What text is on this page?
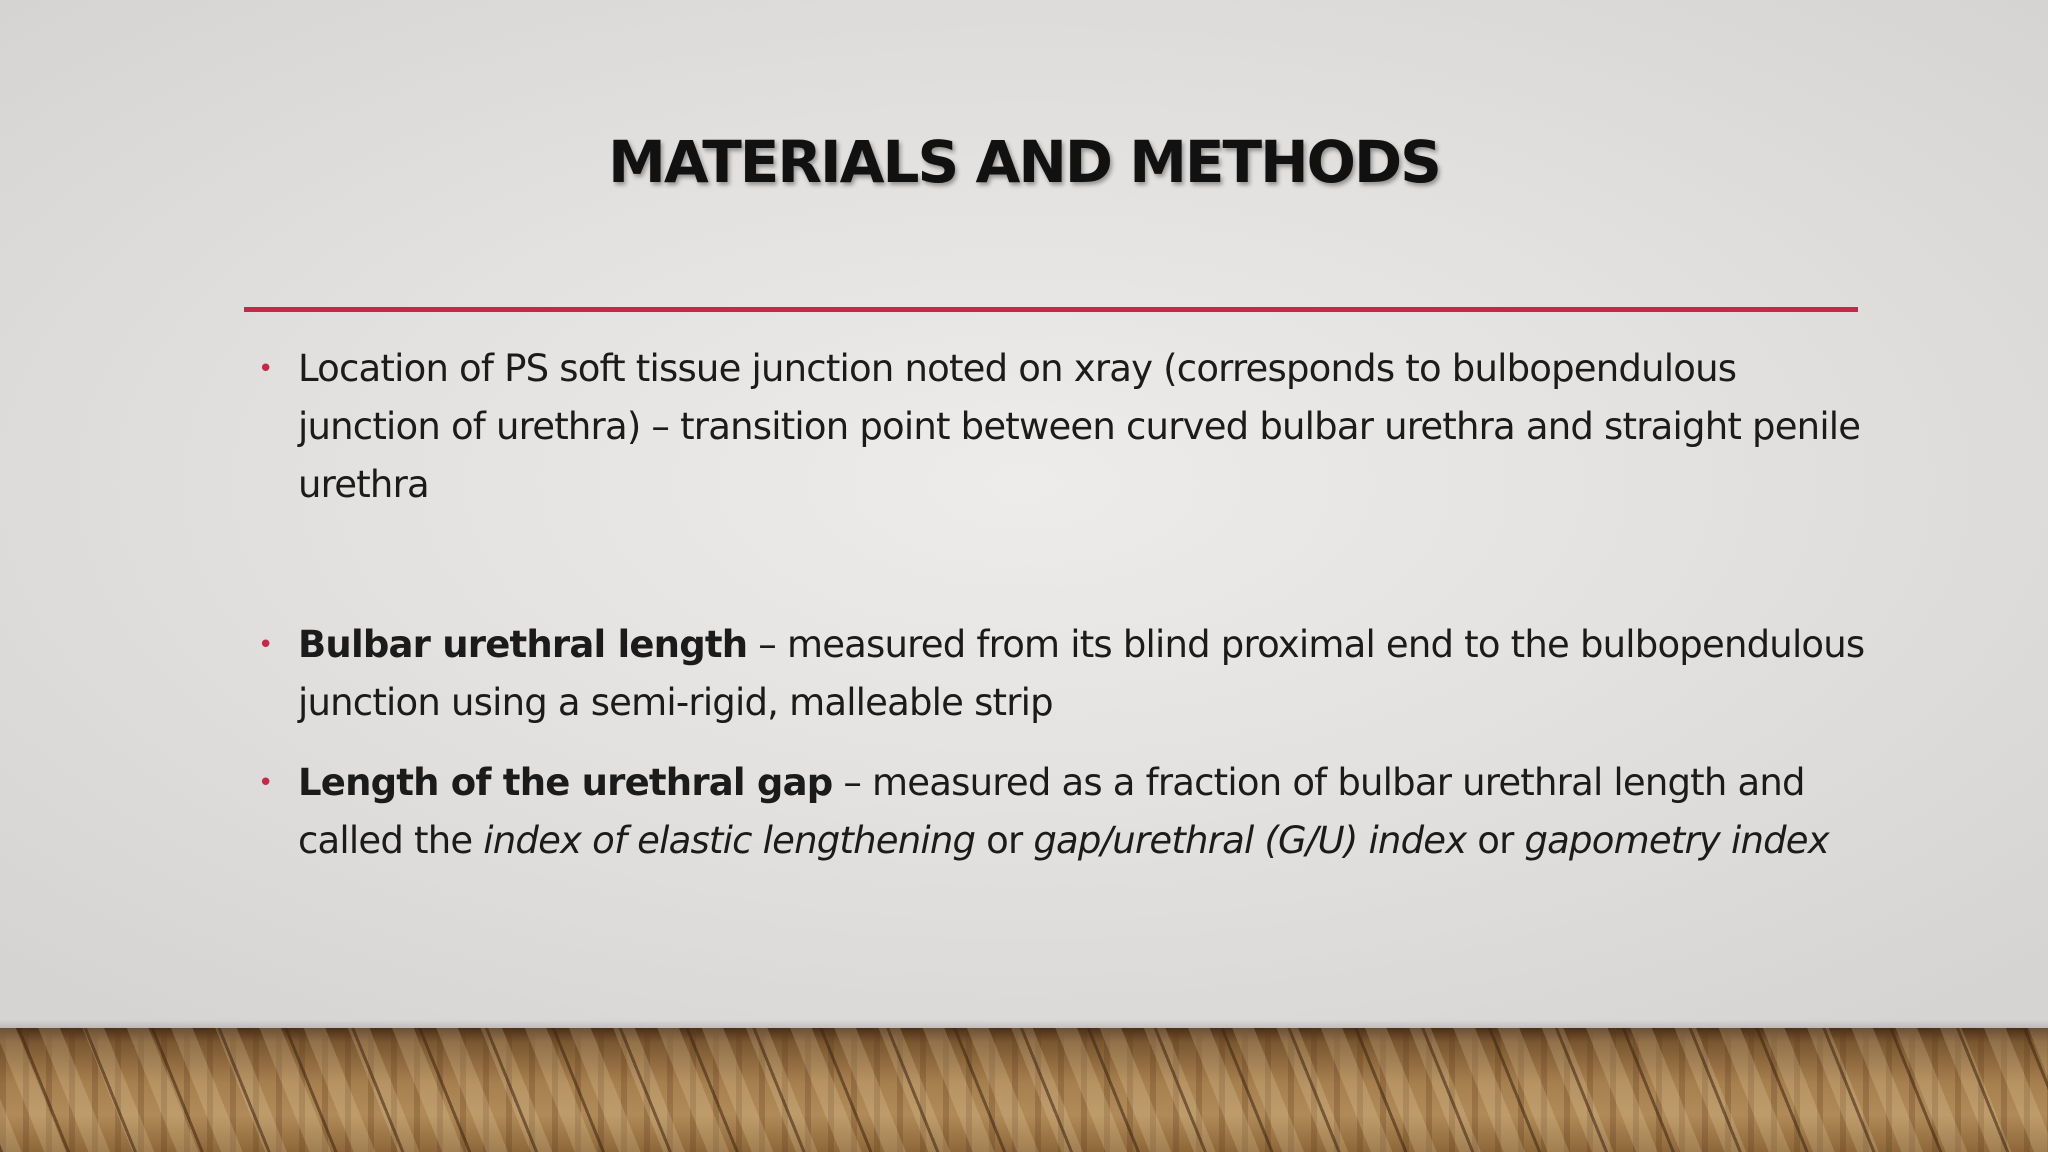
MATERIALS AND METHODS
• Location of PS soft tissue junction noted on xray (corresponds to bulbopendulous junction of urethra) – transition point between curved bulbar urethra and straight penile urethra
• Bulbar urethral length – measured from its blind proximal end to the bulbopendulous junction using a semi-rigid, malleable strip
• Length of the urethral gap – measured as a fraction of bulbar urethral length and called the index of elastic lengthening or gap/urethral (G/U) index or gapometry index
